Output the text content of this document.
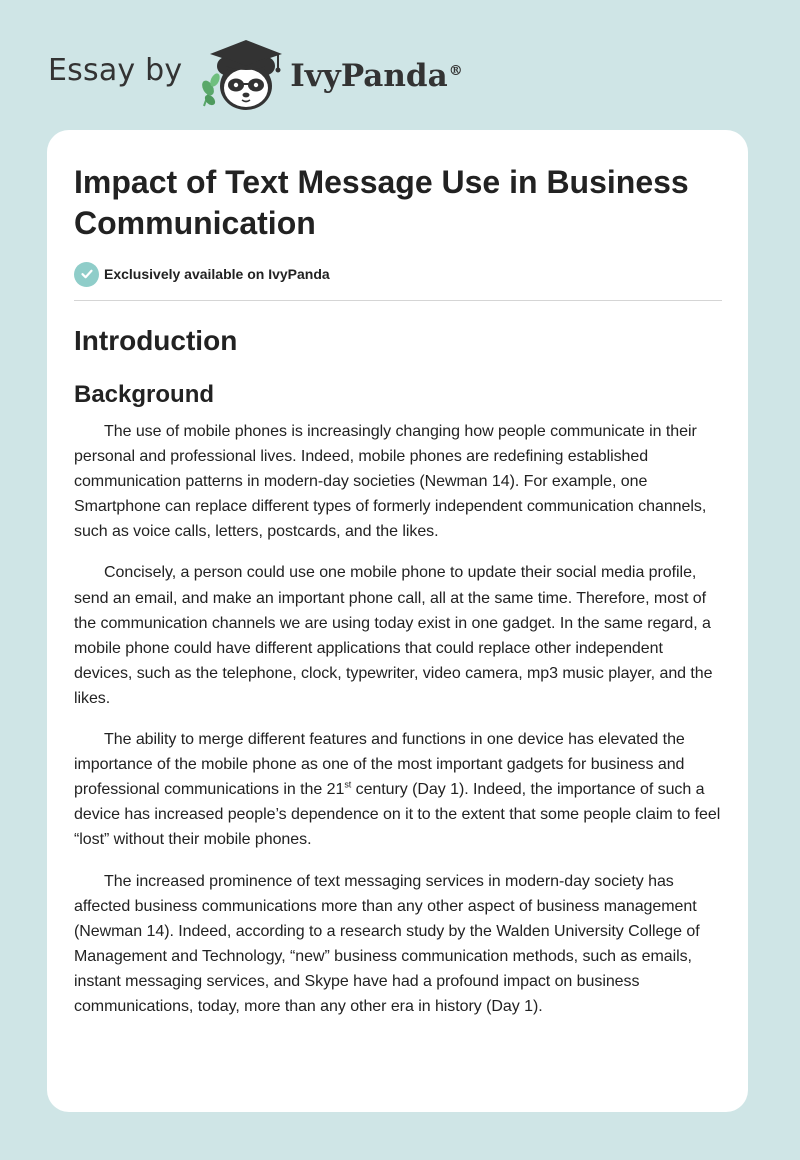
Essay by	IvyPanda®
Impact of Text Message Use in Business Communication
Exclusively available on IvyPanda
Introduction
Background

The use of mobile phones is increasingly changing how people communicate in their personal and professional lives. Indeed, mobile phones are redefining established communication patterns in modern-day societies (Newman 14). For example, one Smartphone can replace different types of formerly independent communication channels, such as voice calls, letters, postcards, and the likes.

Concisely, a person could use one mobile phone to update their social media profile, send an email, and make an important phone call, all at the same time. Therefore, most of the communication channels we are using today exist in one gadget. In the same regard, a mobile phone could have different applications that could replace other independent devices, such as the telephone, clock, typewriter, video camera, mp3 music player, and the likes.

The ability to merge different features and functions in one device has elevated the importance of the mobile phone as one of the most important gadgets for business and professional communications in the 21st century (Day 1). Indeed, the importance of such a device has increased people’s dependence on it to the extent that some people claim to feel “lost” without their mobile phones.

The increased prominence of text messaging services in modern-day society has affected business communications more than any other aspect of business management (Newman 14). Indeed, according to a research study by the Walden University College of Management and Technology, “new” business communication methods, such as emails, instant messaging services, and Skype have had a profound impact on business communications, today, more than any other era in history (Day 1).
